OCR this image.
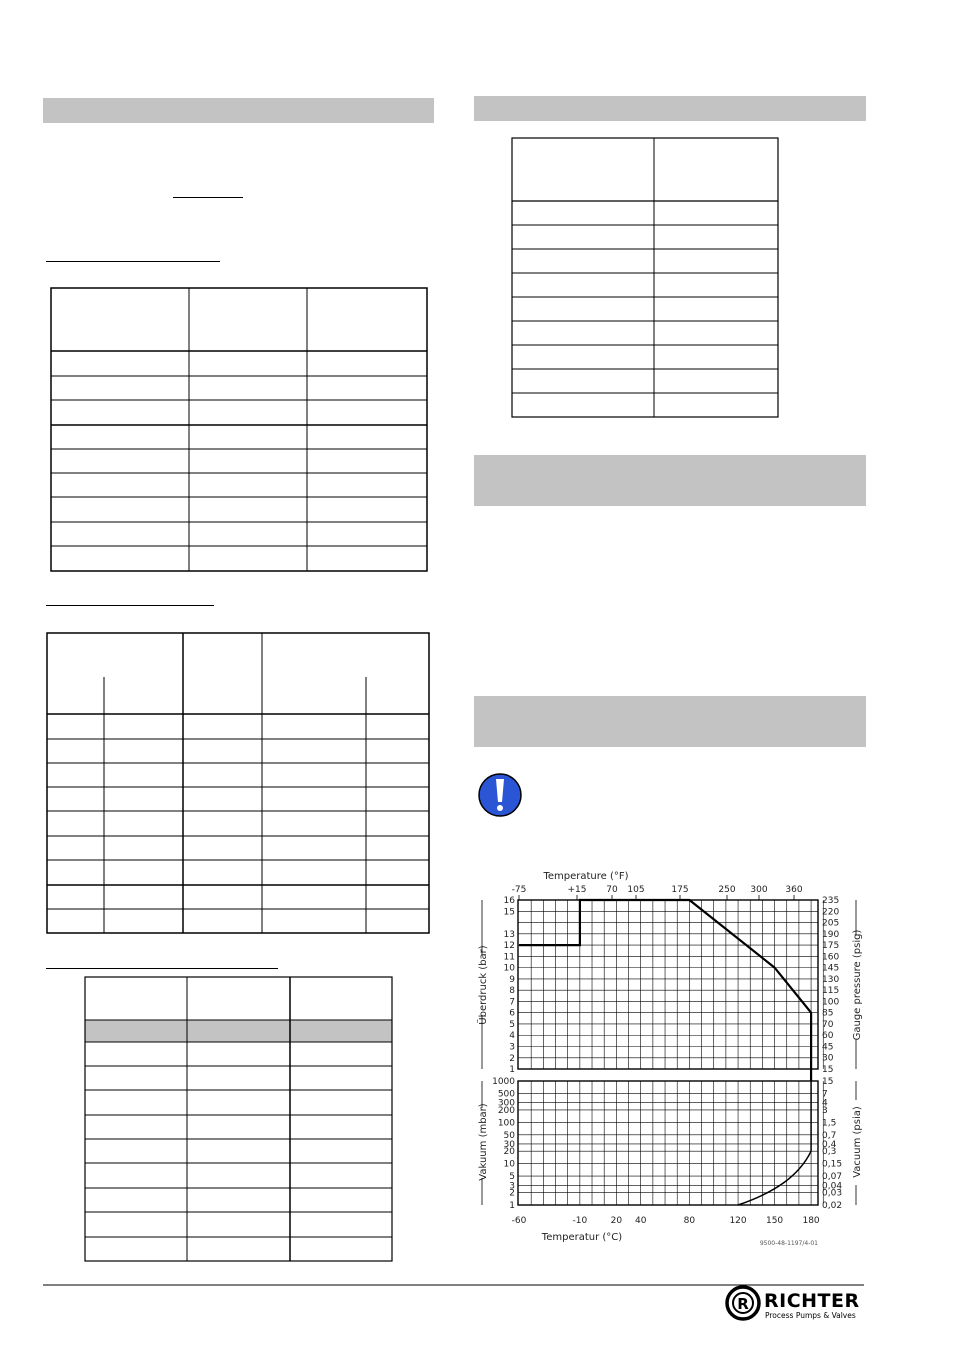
-75	+15 70 105	175	250 300 360
Temperature (°F)
-60	-10	20 40	80	120 150 180
Temperatur (°C)
16
15
13
12
11
10
9
8
7
6
5
4
3
2
1
Überdruck (bar)
1000
500
300
200
100
50
30
20
10
5
3
2
1
Vakuum (mbar)
235
220
205
190
175
160
145
130
115
100
85
70
60
45
30
15
Gauge pressure (psig)
15
7
4
3
1,5
0,7
0,4
0,3
0,15
0,07
0,04
0,03
0,02
Vacuum (psia)
9500-48-1197/4-01
R RICHTER
Process Pumps & Valves
